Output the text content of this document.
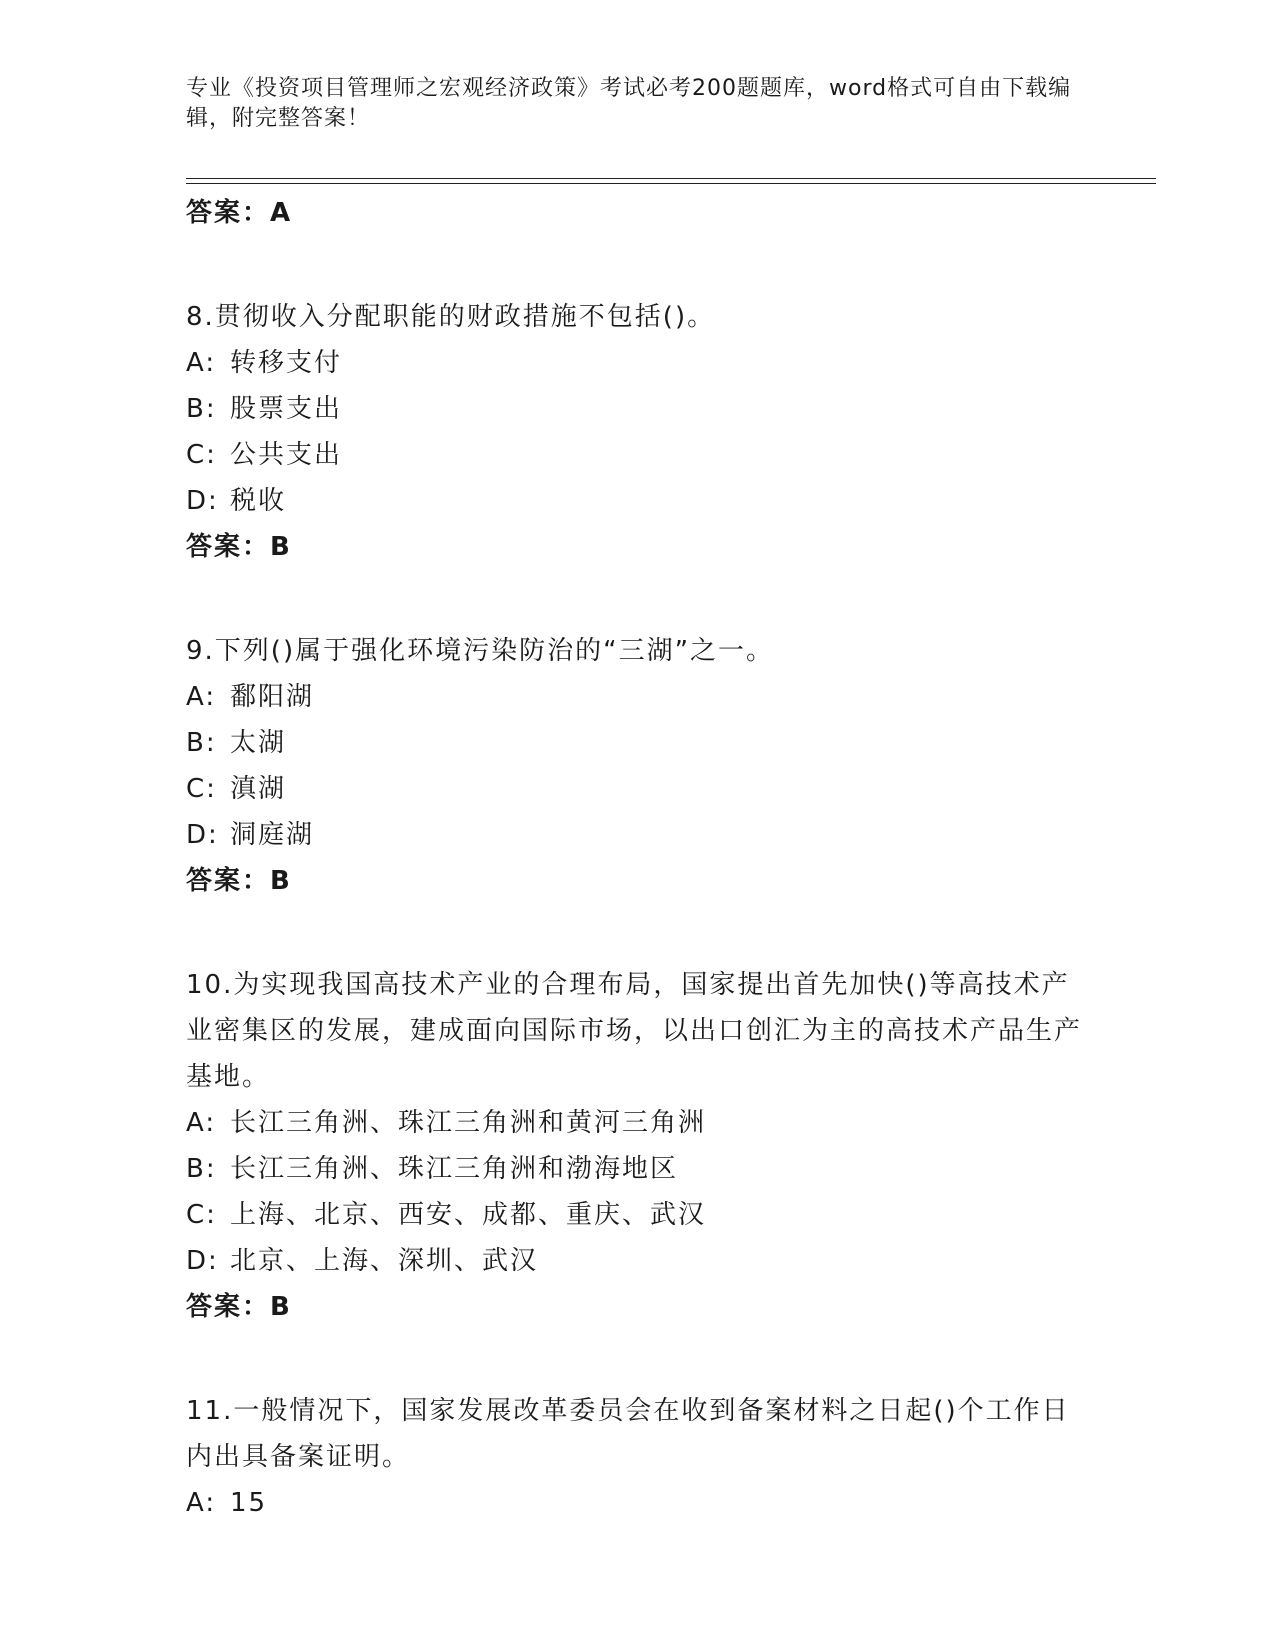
专业《投资项目管理师之宏观经济政策》考试必考200题题库，word格式可自由下载编辑，附完整答案！
答案：A
8.贯彻收入分配职能的财政措施不包括()。
A: 转移支付
B: 股票支出
C: 公共支出
D: 税收
答案：B
9.下列()属于强化环境污染防治的“三湖”之一。
A: 鄱阳湖
B: 太湖
C: 滇湖
D: 洞庭湖
答案：B
10.为实现我国高技术产业的合理布局，国家提出首先加快()等高技术产业密集区的发展，建成面向国际市场，以出口创汇为主的高技术产品生产基地。
A: 长江三角洲、珠江三角洲和黄河三角洲
B: 长江三角洲、珠江三角洲和渤海地区
C: 上海、北京、西安、成都、重庆、武汉
D: 北京、上海、深圳、武汉
答案：B
11.一般情况下，国家发展改革委员会在收到备案材料之日起()个工作日内出具备案证明。
A: 15
